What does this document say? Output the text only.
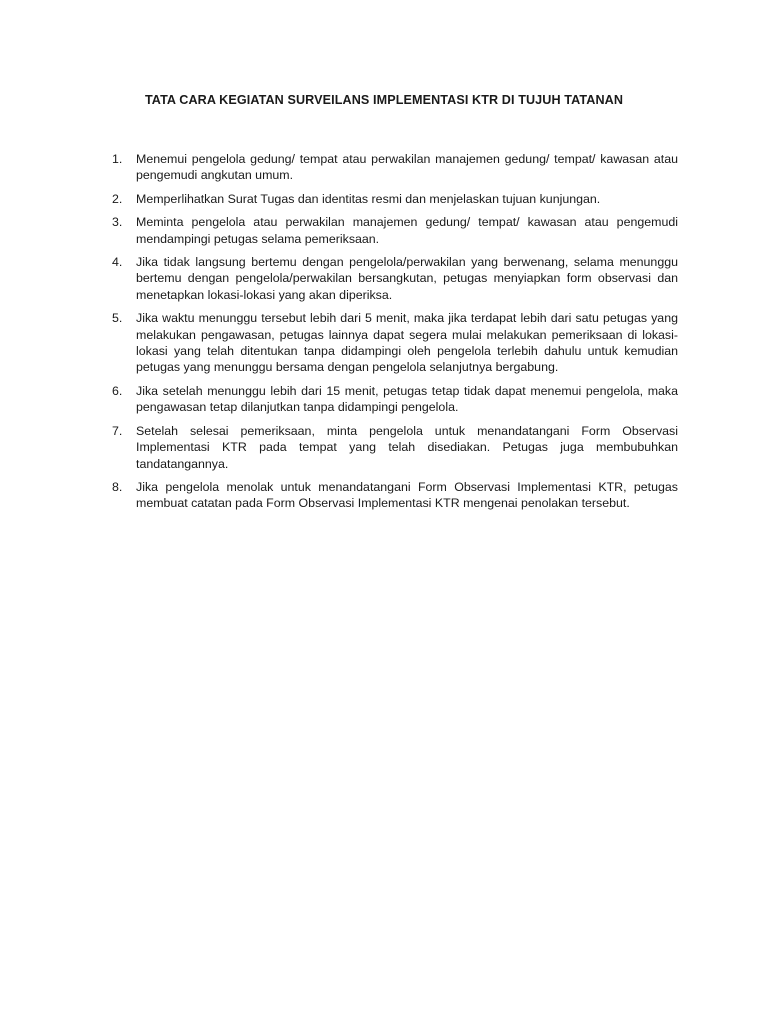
TATA CARA KEGIATAN SURVEILANS IMPLEMENTASI KTR DI TUJUH TATANAN
1. Menemui pengelola gedung/ tempat atau perwakilan manajemen gedung/ tempat/ kawasan atau pengemudi angkutan umum.
2. Memperlihatkan Surat Tugas dan identitas resmi dan menjelaskan tujuan kunjungan.
3. Meminta pengelola atau perwakilan manajemen gedung/ tempat/ kawasan atau pengemudi mendampingi petugas selama pemeriksaan.
4. Jika tidak langsung bertemu dengan pengelola/perwakilan yang berwenang, selama menunggu bertemu dengan pengelola/perwakilan bersangkutan, petugas menyiapkan form observasi dan menetapkan lokasi-lokasi yang akan diperiksa.
5. Jika waktu menunggu tersebut lebih dari 5 menit, maka jika terdapat lebih dari satu petugas yang melakukan pengawasan, petugas lainnya dapat segera mulai melakukan pemeriksaan di lokasi-lokasi yang telah ditentukan tanpa didampingi oleh pengelola terlebih dahulu untuk kemudian petugas yang menunggu bersama dengan pengelola selanjutnya bergabung.
6. Jika setelah menunggu lebih dari 15 menit, petugas tetap tidak dapat menemui pengelola, maka pengawasan tetap dilanjutkan tanpa didampingi pengelola.
7. Setelah selesai pemeriksaan, minta pengelola untuk menandatangani Form Observasi Implementasi KTR pada tempat yang telah disediakan. Petugas juga membubuhkan tandatangannya.
8. Jika pengelola menolak untuk menandatangani Form Observasi Implementasi KTR, petugas membuat catatan pada Form Observasi Implementasi KTR mengenai penolakan tersebut.
